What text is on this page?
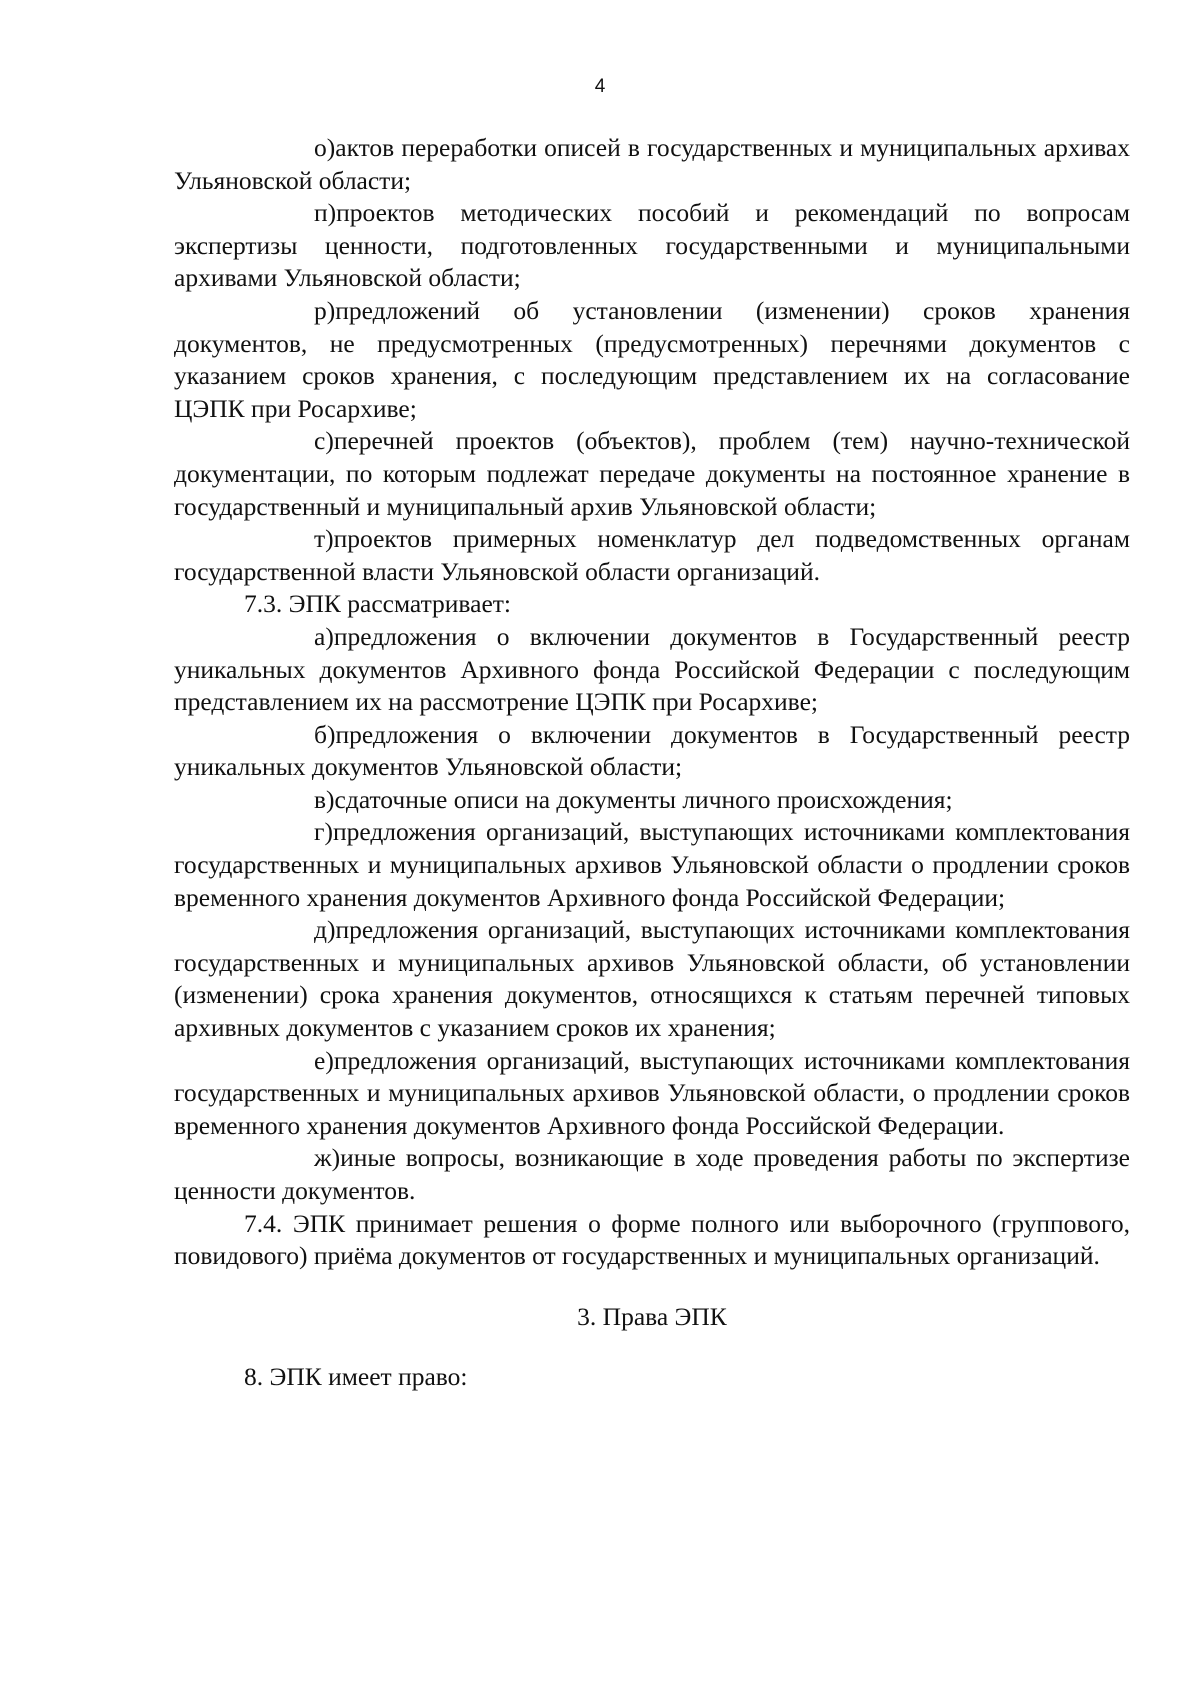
4

о)актов переработки описей в государственных и муниципальных архивах Ульяновской области;

п)проектов методических пособий и рекомендаций по вопросам экспертизы ценности, подготовленных государственными и муниципальными архивами Ульяновской области;

р)предложений об установлении (изменении) сроков хранения документов, не предусмотренных (предусмотренных) перечнями документов с указанием сроков хранения, с последующим представлением их на согласование ЦЭПК при Росархиве;

с)перечней проектов (объектов), проблем (тем) научно-технической документации, по которым подлежат передаче документы на постоянное хранение в государственный и муниципальный архив Ульяновской области;

т)проектов примерных номенклатур дел подведомственных органам государственной власти Ульяновской области организаций.

7.3. ЭПК рассматривает:

а)предложения о включении документов в Государственный реестр уникальных документов Архивного фонда Российской Федерации с последующим представлением их на рассмотрение ЦЭПК при Росархиве;

б)предложения о включении документов в Государственный реестр уникальных документов Ульяновской области;

в)сдаточные описи на документы личного происхождения;

г)предложения организаций, выступающих источниками комплектования государственных и муниципальных архивов Ульяновской области о продлении сроков временного хранения документов Архивного фонда Российской Федерации;

д)предложения организаций, выступающих источниками комплектования государственных и муниципальных архивов Ульяновской области, об установлении (изменении) срока хранения документов, относящихся к статьям перечней типовых архивных документов с указанием сроков их хранения;

е)предложения организаций, выступающих источниками комплектования государственных и муниципальных архивов Ульяновской области, о продлении сроков временного хранения документов Архивного фонда Российской Федерации.

ж)иные вопросы, возникающие в ходе проведения работы по экспертизе ценности документов.

7.4. ЭПК принимает решения о форме полного или выборочного (группового, повидового) приёма документов от государственных и муниципальных организаций.

3. Права ЭПК

8. ЭПК имеет право:
